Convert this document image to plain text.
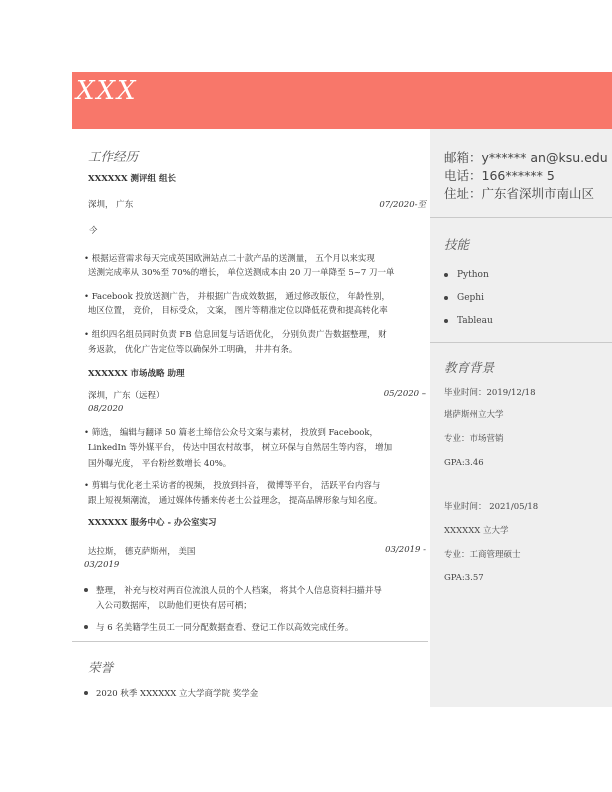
XXX
邮箱：y****** an@ksu.edu
电话：166****** 5
住址：广东省深圳市南山区
技能
Python
Gephi
Tableau
教育背景
毕业时间：2019/12/18
堪萨斯州立大学
专业：市场营销
GPA:3.46
毕业时间： 2021/05/18
XXXXXX 立大学
专业：工商管理硕士
GPA:3.57
工作经历
XXXXXX 测评组 组长
深圳， 广东	07/2020-至
今
• 根据运营需求每天完成英国欧洲站点二十款产品的送测量， 五个月以来实现
送测完成率从 30%至 70%的增长， 单位送测成本由 20 刀一单降至 5~7 刀一单
• Facebook 投放送测广告， 并根据广告成效数据， 通过修改版位， 年龄性别，
地区位置， 竞价， 目标受众， 文案， 图片等精准定位以降低花费和提高转化率
• 组织四名组员同时负责 FB 信息回复与话语优化， 分别负责广告数据整理， 财
务返款， 优化广告定位等以确保外工明确， 井井有条。
XXXXXX 市场战略 助理
深圳，广东（远程）	05/2020 –
08/2020
• 筛选， 编辑与翻译 50 篇老土缔信公众号文案与素材， 投放到 Facebook，
LinkedIn 等外媒平台， 传达中国农村故事， 树立环保与自然居生等内容， 增加
国外曝光度， 平台粉丝数增长 40%。
• 剪辑与优化老土采访者的视频， 投放到抖音， 微博等平台， 活跃平台内容与
跟上短视频潮流， 通过媒体传播来传老土公益理念， 提高品牌形象与知名度。
XXXXXX 服务中心 - 办公室实习
达拉斯， 德克萨斯州， 美国	03/2019 -
03/2019
整理， 补充与校对两百位流浪人员的个人档案， 将其个人信息资料扫描并导
入公司数据库， 以助他们更快有居可栖；
与 6 名美籍学生员工一同分配数据查看、登记工作以高效完成任务。
荣誉
2020 秋季 XXXXXX 立大学商学院 奖学金
